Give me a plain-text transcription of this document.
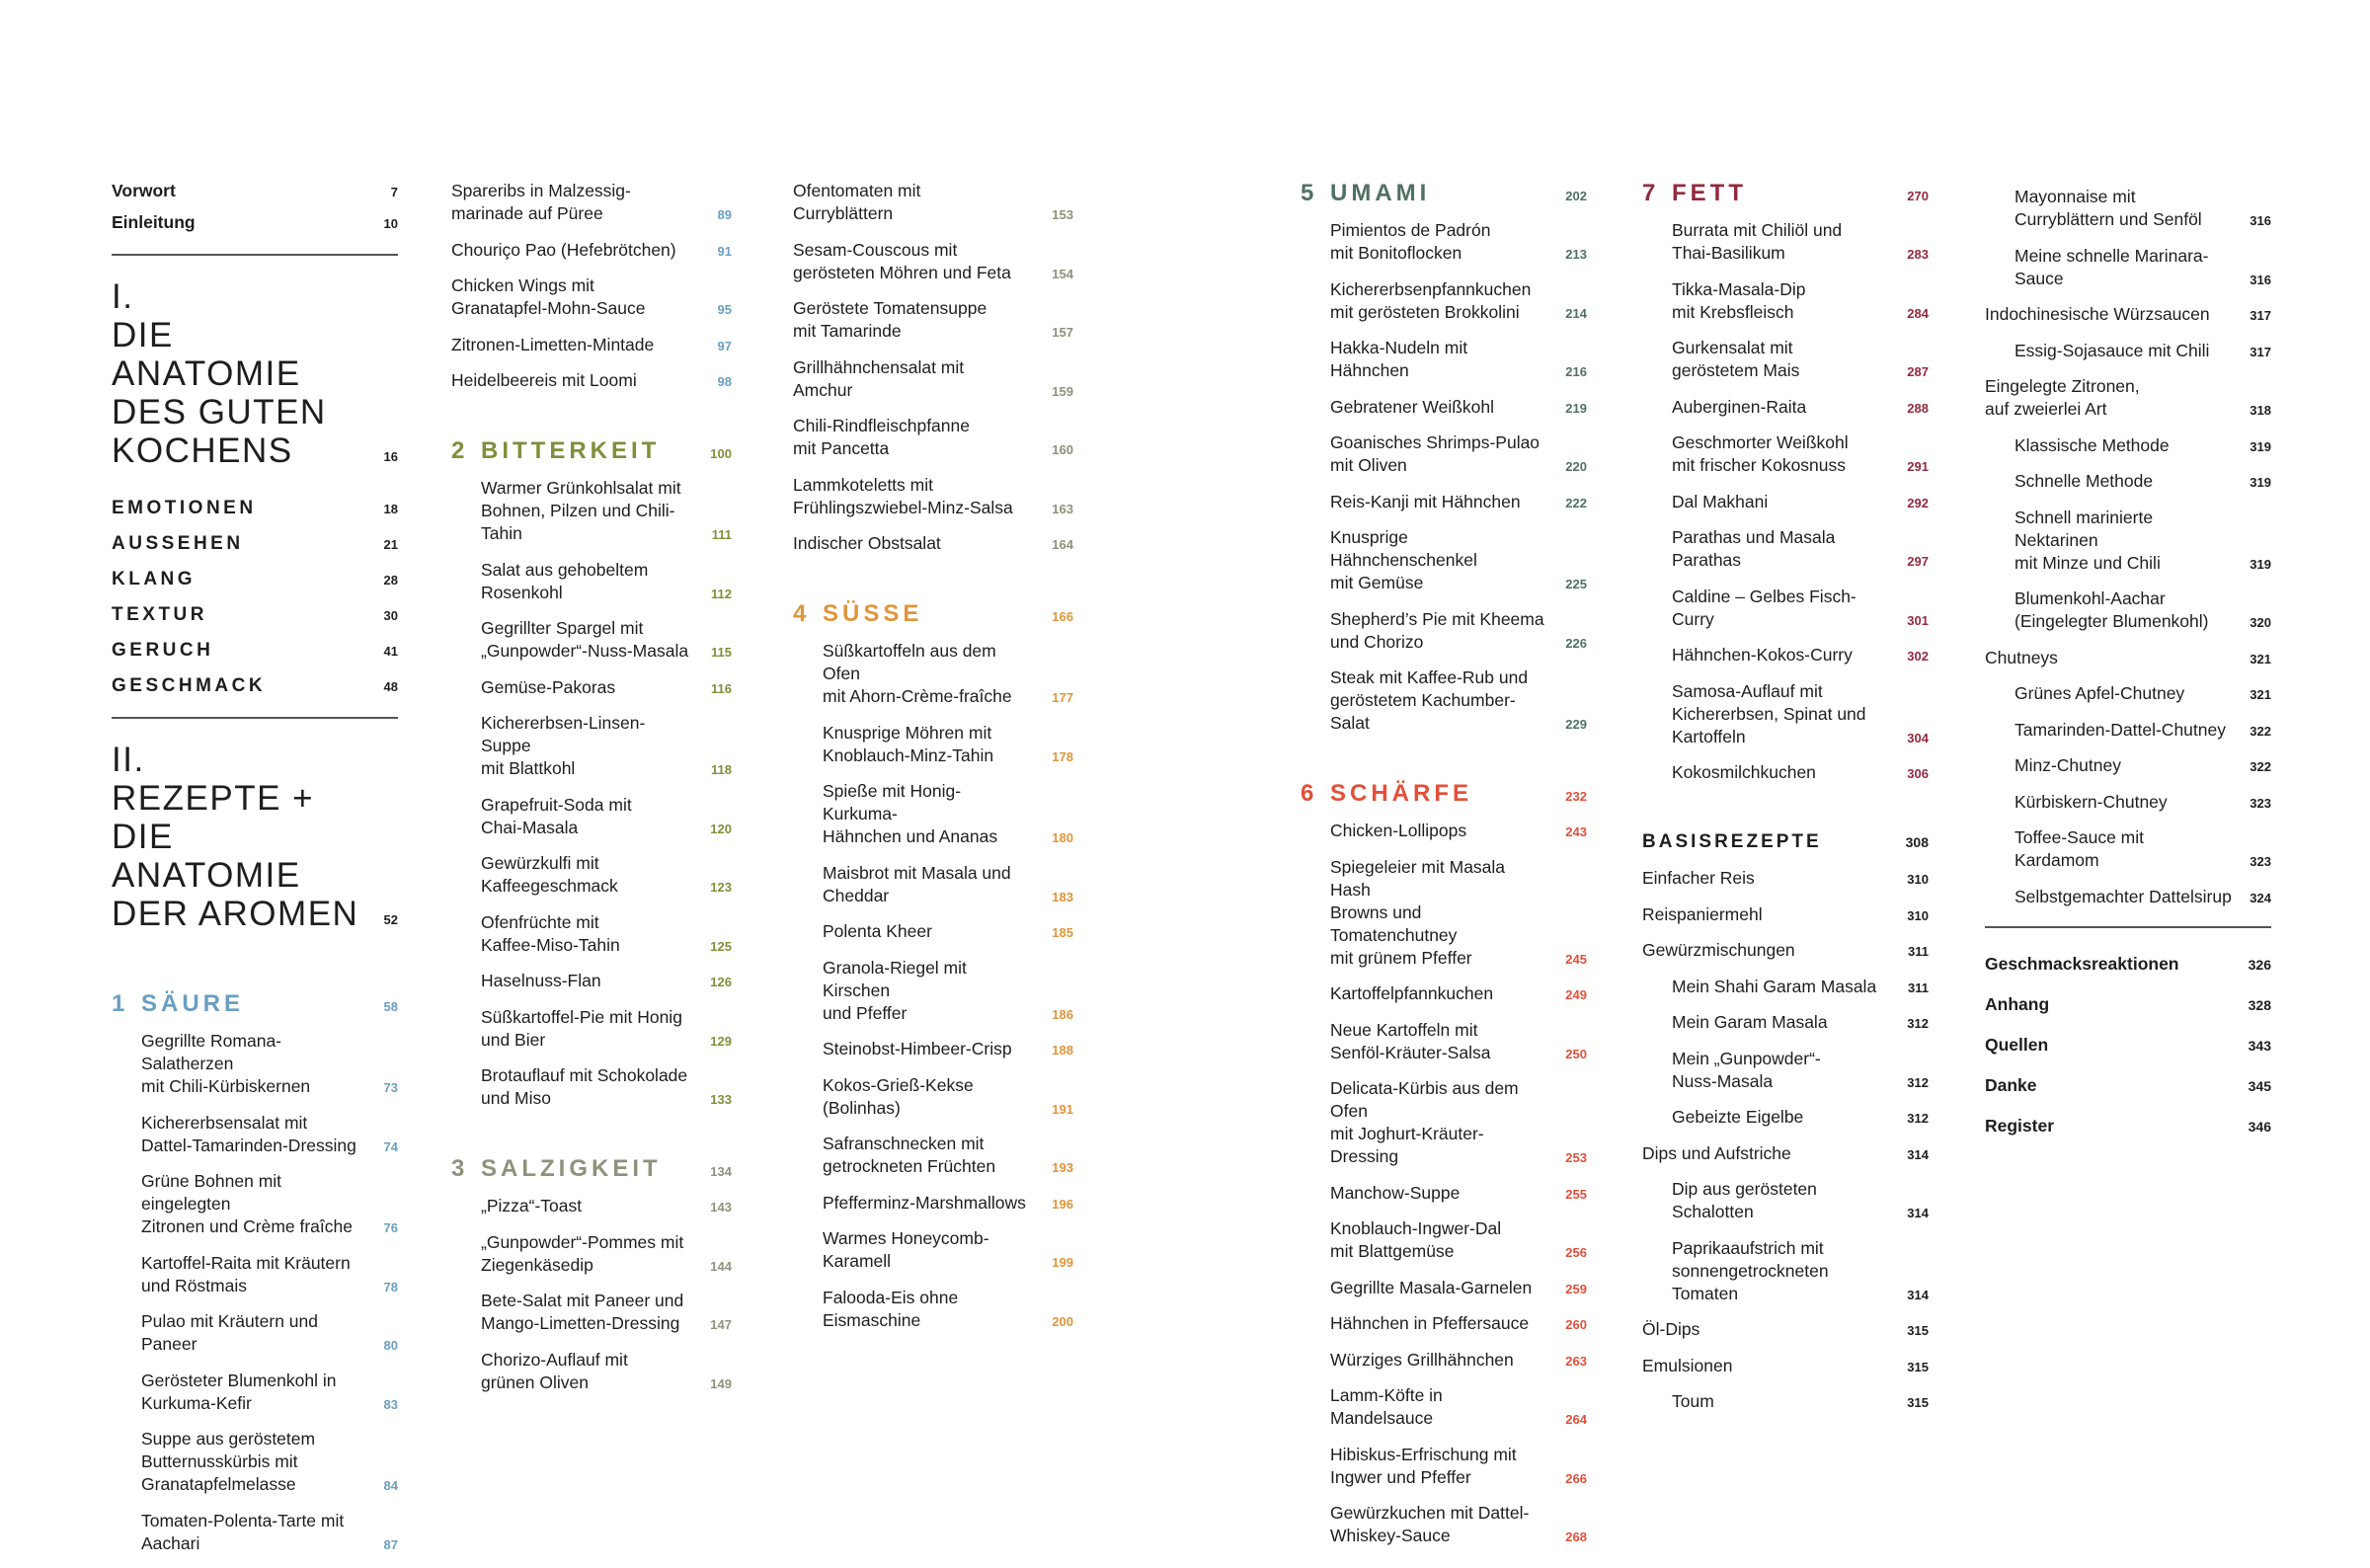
Vorwort	7
Einleitung	10
I.
DIE ANATOMIE
DES GUTEN
KOCHENS	16
EMOTIONEN	18
AUSSEHEN	21
KLANG	28
TEXTUR	30
GERUCH	41
GESCHMACK	48
II.
REZEPTE +
DIE ANATOMIE
DER AROMEN	52
1 SÄURE	58
Gegrillte Romana-Salatherzen
mit Chili-Kürbiskernen	73
Kichererbsensalat mit
Dattel-Tamarinden-Dressing	74
Grüne Bohnen mit eingelegten
Zitronen und Crème fraîche	76
Kartoffel-Raita mit Kräutern
und Röstmais	78
Pulao mit Kräutern und Paneer	80
Gerösteter Blumenkohl in
Kurkuma-Kefir	83
Suppe aus geröstetem
Butternusskürbis mit
Granatapfelmelasse	84
Tomaten-Polenta-Tarte mit
Aachari	87
Spareribs in Malzessig-
marinade auf Püree	89
Chouriço Pao (Hefebrötchen)	91
Chicken Wings mit
Granatapfel-Mohn-Sauce	95
Zitronen-Limetten-Mintade	97
Heidelbeereis mit Loomi	98
2 BITTERKEIT	100
Warmer Grünkohlsalat mit
Bohnen, Pilzen und Chili-Tahin	111
Salat aus gehobeltem
Rosenkohl	112
Gegrillter Spargel mit
„Gunpowder“-Nuss-Masala	115
Gemüse-Pakoras	116
Kichererbsen-Linsen-Suppe
mit Blattkohl	118
Grapefruit-Soda mit
Chai-Masala	120
Gewürzkulfi mit
Kaffeegeschmack	123
Ofenfrüchte mit
Kaffee-Miso-Tahin	125
Haselnuss-Flan	126
Süßkartoffel-Pie mit Honig
und Bier	129
Brotauflauf mit Schokolade
und Miso	133
3 SALZIGKEIT	134
„Pizza“-Toast	143
„Gunpowder“-Pommes mit
Ziegenkäsedip	144
Bete-Salat mit Paneer und
Mango-Limetten-Dressing	147
Chorizo-Auflauf mit
grünen Oliven	149
Ofentomaten mit
Curryblättern	153
Sesam-Couscous mit
gerösteten Möhren und Feta	154
Geröstete Tomatensuppe
mit Tamarinde	157
Grillhähnchensalat mit
Amchur	159
Chili-Rindfleischpfanne
mit Pancetta	160
Lammkoteletts mit
Frühlingszwiebel-Minz-Salsa	163
Indischer Obstsalat	164
4 SÜSSE	166
Süßkartoffeln aus dem Ofen
mit Ahorn-Crème-fraîche	177
Knusprige Möhren mit
Knoblauch-Minz-Tahin	178
Spieße mit Honig-Kurkuma-
Hähnchen und Ananas	180
Maisbrot mit Masala und
Cheddar	183
Polenta Kheer	185
Granola-Riegel mit Kirschen
und Pfeffer	186
Steinobst-Himbeer-Crisp	188
Kokos-Grieß-Kekse (Bolinhas)	191
Safranschnecken mit
getrockneten Früchten	193
Pfefferminz-Marshmallows	196
Warmes Honeycomb-
Karamell	199
Falooda-Eis ohne
Eismaschine	200
5 UMAMI	202
Pimientos de Padrón
mit Bonitoflocken	213
Kichererbsenpfannkuchen
mit gerösteten Brokkolini	214
Hakka-Nudeln mit Hähnchen	216
Gebratener Weißkohl	219
Goanisches Shrimps-Pulao
mit Oliven	220
Reis-Kanji mit Hähnchen	222
Knusprige Hähnchenschenkel
mit Gemüse	225
Shepherd’s Pie mit Kheema
und Chorizo	226
Steak mit Kaffee-Rub und
geröstetem Kachumber-Salat	229
6 SCHÄRFE	232
Chicken-Lollipops	243
Spiegeleier mit Masala Hash
Browns und Tomatenchutney
mit grünem Pfeffer	245
Kartoffelpfannkuchen	249
Neue Kartoffeln mit
Senföl-Kräuter-Salsa	250
Delicata-Kürbis aus dem Ofen
mit Joghurt-Kräuter-Dressing	253
Manchow-Suppe	255
Knoblauch-Ingwer-Dal
mit Blattgemüse	256
Gegrillte Masala-Garnelen	259
Hähnchen in Pfeffersauce	260
Würziges Grillhähnchen	263
Lamm-Köfte in Mandelsauce	264
Hibiskus-Erfrischung mit
Ingwer und Pfeffer	266
Gewürzkuchen mit Dattel-
Whiskey-Sauce	268
7 FETT	270
Burrata mit Chiliöl und
Thai-Basilikum	283
Tikka-Masala-Dip
mit Krebsfleisch	284
Gurkensalat mit
geröstetem Mais	287
Auberginen-Raita	288
Geschmorter Weißkohl
mit frischer Kokosnuss	291
Dal Makhani	292
Parathas und Masala Parathas	297
Caldine – Gelbes Fisch-Curry	301
Hähnchen-Kokos-Curry	302
Samosa-Auflauf mit
Kichererbsen, Spinat und
Kartoffeln	304
Kokosmilchkuchen	306
BASISREZEPTE	308
Einfacher Reis	310
Reispaniermehl	310
Gewürzmischungen	311
Mein Shahi Garam Masala	311
Mein Garam Masala	312
Mein „Gunpowder“-
Nuss-Masala	312
Gebeizte Eigelbe	312
Dips und Aufstriche	314
Dip aus gerösteten
Schalotten	314
Paprikaaufstrich mit
sonnengetrockneten
Tomaten	314
Öl-Dips	315
Emulsionen	315
Toum	315
Mayonnaise mit
Curryblättern und Senföl	316
Meine schnelle Marinara-
Sauce	316
Indochinesische Würzsaucen	317
Essig-Sojasauce mit Chili	317
Eingelegte Zitronen,
auf zweierlei Art	318
Klassische Methode	319
Schnelle Methode	319
Schnell marinierte Nektarinen
mit Minze und Chili	319
Blumenkohl-Aachar
(Eingelegter Blumenkohl)	320
Chutneys	321
Grünes Apfel-Chutney	321
Tamarinden-Dattel-Chutney	322
Minz-Chutney	322
Kürbiskern-Chutney	323
Toffee-Sauce mit Kardamom	323
Selbstgemachter Dattelsirup	324
Geschmacksreaktionen	326
Anhang	328
Quellen	343
Danke	345
Register	346
